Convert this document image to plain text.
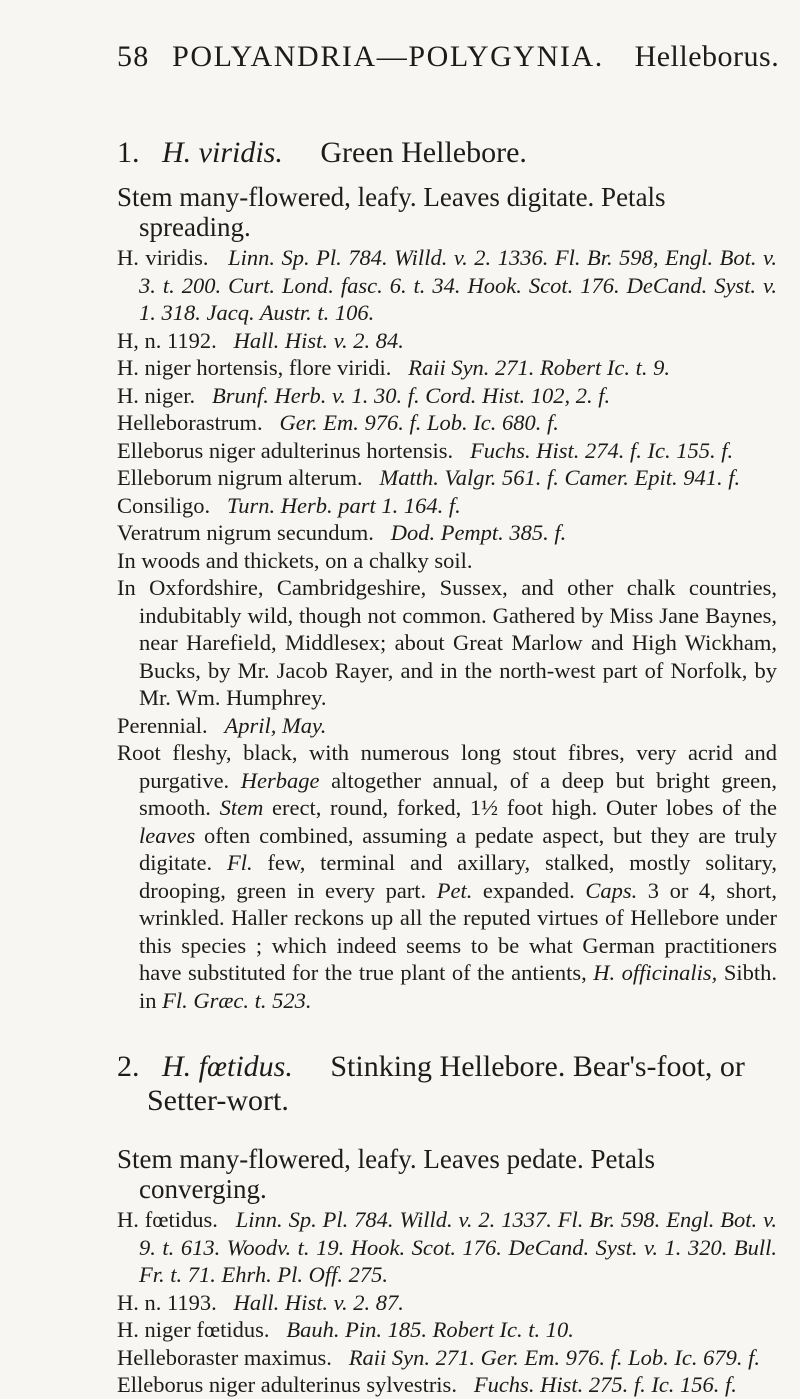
58 POLYANDRIA—POLYGYNIA. Helleborus.
1. H. viridis. Green Hellebore.

Stem many-flowered, leafy. Leaves digitate. Petals spreading.

H. viridis. Linn. Sp. Pl. 784. Willd. v. 2. 1336. Fl. Br. 598, Engl. Bot. v. 3. t. 200. Curt. Lond. fasc. 6. t. 34. Hook. Scot. 176. DeCand. Syst. v. 1. 318. Jacq. Austr. t. 106.

H, n. 1192. Hall. Hist. v. 2. 84.

H. niger hortensis, flore viridi. Raii Syn. 271. Robert Ic. t. 9.

H. niger. Brunf. Herb. v. 1. 30. f. Cord. Hist. 102, 2. f.

Helleborastrum. Ger. Em. 976. f. Lob. Ic. 680. f.

Elleborus niger adulterinus hortensis. Fuchs. Hist. 274. f. Ic. 155. f.

Elleborum nigrum alterum. Matth. Valgr. 561. f. Camer. Epit. 941. f.

Consiligo. Turn. Herb. part 1. 164. f.

Veratrum nigrum secundum. Dod. Pempt. 385. f.

In woods and thickets, on a chalky soil.

In Oxfordshire, Cambridgeshire, Sussex, and other chalk countries, indubitably wild, though not common. Gathered by Miss Jane Baynes, near Harefield, Middlesex; about Great Marlow and High Wickham, Bucks, by Mr. Jacob Rayer, and in the north-west part of Norfolk, by Mr. Wm. Humphrey.

Perennial. April, May.

Root fleshy, black, with numerous long stout fibres, very acrid and purgative. Herbage altogether annual, of a deep but bright green, smooth. Stem erect, round, forked, 1½ foot high. Outer lobes of the leaves often combined, assuming a pedate aspect, but they are truly digitate. Fl. few, terminal and axillary, stalked, mostly solitary, drooping, green in every part. Pet. expanded. Caps. 3 or 4, short, wrinkled. Haller reckons up all the reputed virtues of Hellebore under this species ; which indeed seems to be what German practitioners have substituted for the true plant of the antients, H. officinalis, Sibth. in Fl. Græc. t. 523.

2. H. fœtidus. Stinking Hellebore. Bear's-foot, or Setter-wort.

Stem many-flowered, leafy. Leaves pedate. Petals converging.

H. fœtidus. Linn. Sp. Pl. 784. Willd. v. 2. 1337. Fl. Br. 598. Engl. Bot. v. 9. t. 613. Woodv. t. 19. Hook. Scot. 176. DeCand. Syst. v. 1. 320. Bull. Fr. t. 71. Ehrh. Pl. Off. 275.

H. n. 1193. Hall. Hist. v. 2. 87.

H. niger fœtidus. Bauh. Pin. 185. Robert Ic. t. 10.

Helleboraster maximus. Raii Syn. 271. Ger. Em. 976. f. Lob. Ic. 679. f.

Elleborus niger adulterinus sylvestris. Fuchs. Hist. 275. f. Ic. 156. f.
